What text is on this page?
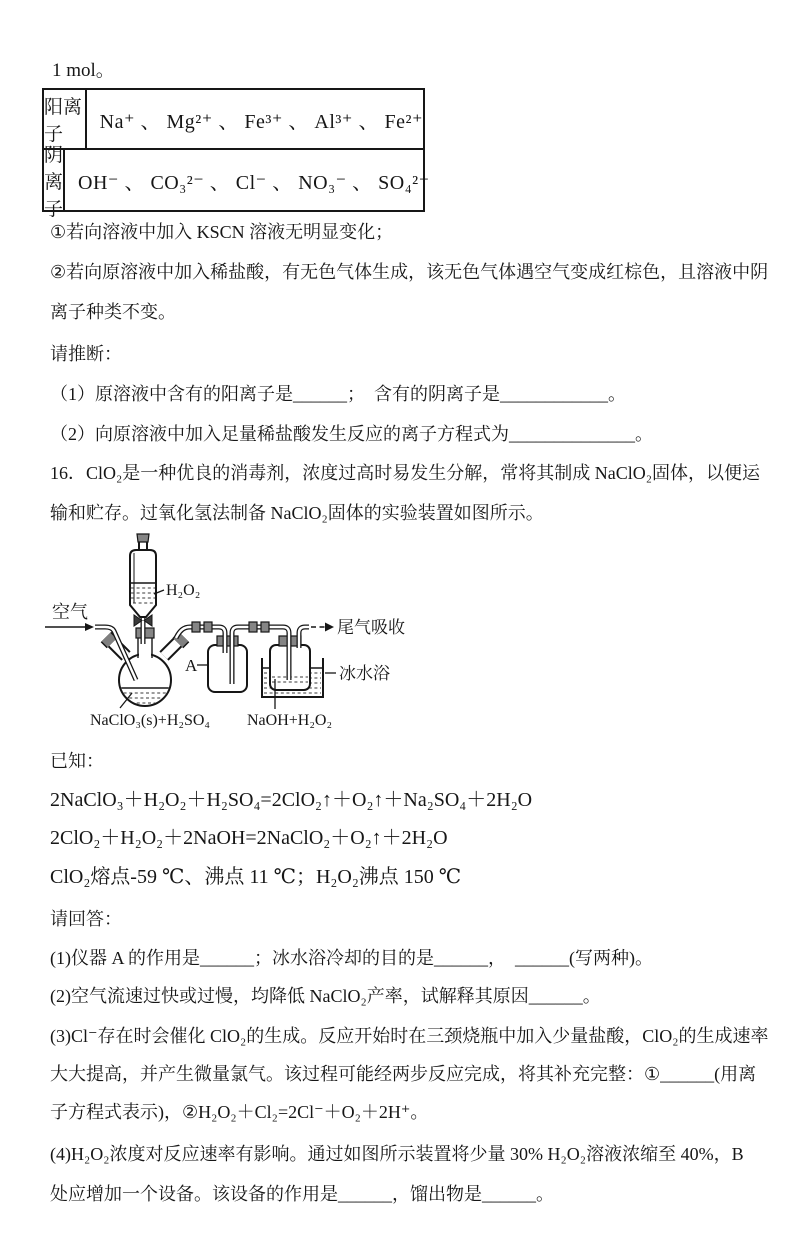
1 mol。
阳离子
Na⁺ 、 Mg²⁺ 、 Fe³⁺ 、 Al³⁺ 、 Fe²⁺
阴离子
OH⁻ 、 CO₃²⁻ 、 Cl⁻ 、 NO₃⁻ 、 SO₄²⁻
①若向溶液中加入 KSCN 溶液无明显变化；
②若向原溶液中加入稀盐酸，有无色气体生成，该无色气体遇空气变成红棕色，且溶液中阴
离子种类不变。
请推断：
（1）原溶液中含有的阳离子是______；  含有的阴离子是____________。
（2）向原溶液中加入足量稀盐酸发生反应的离子方程式为______________。
16．ClO₂是一种优良的消毒剂，浓度过高时易发生分解，常将其制成 NaClO₂固体，以便运
输和贮存。过氧化氢法制备 NaClO₂固体的实验装置如图所示。
空气
H₂O₂
A
尾气吸收
冰水浴
NaClO₃(s)+H₂SO₄ NaOH+H₂O₂
已知：
2NaClO₃＋H₂O₂＋H₂SO₄=2ClO₂↑＋O₂↑＋Na₂SO₄＋2H₂O
2ClO₂＋H₂O₂＋2NaOH=2NaClO₂＋O₂↑＋2H₂O
ClO₂熔点-59 ℃、沸点 11 ℃；H₂O₂沸点 150 ℃
请回答：
(1)仪器 A 的作用是______；冰水浴冷却的目的是______，  ______(写两种)。
(2)空气流速过快或过慢，均降低 NaClO₂产率，试解释其原因______。
(3)Cl⁻存在时会催化 ClO₂的生成。反应开始时在三颈烧瓶中加入少量盐酸，ClO₂的生成速率
大大提高，并产生微量氯气。该过程可能经两步反应完成，将其补充完整：①______(用离
子方程式表示)，②H₂O₂＋Cl₂=2Cl⁻＋O₂＋2H⁺。
(4)H₂O₂浓度对反应速率有影响。通过如图所示装置将少量 30% H₂O₂溶液浓缩至 40%，B
处应增加一个设备。该设备的作用是______，馏出物是______。
